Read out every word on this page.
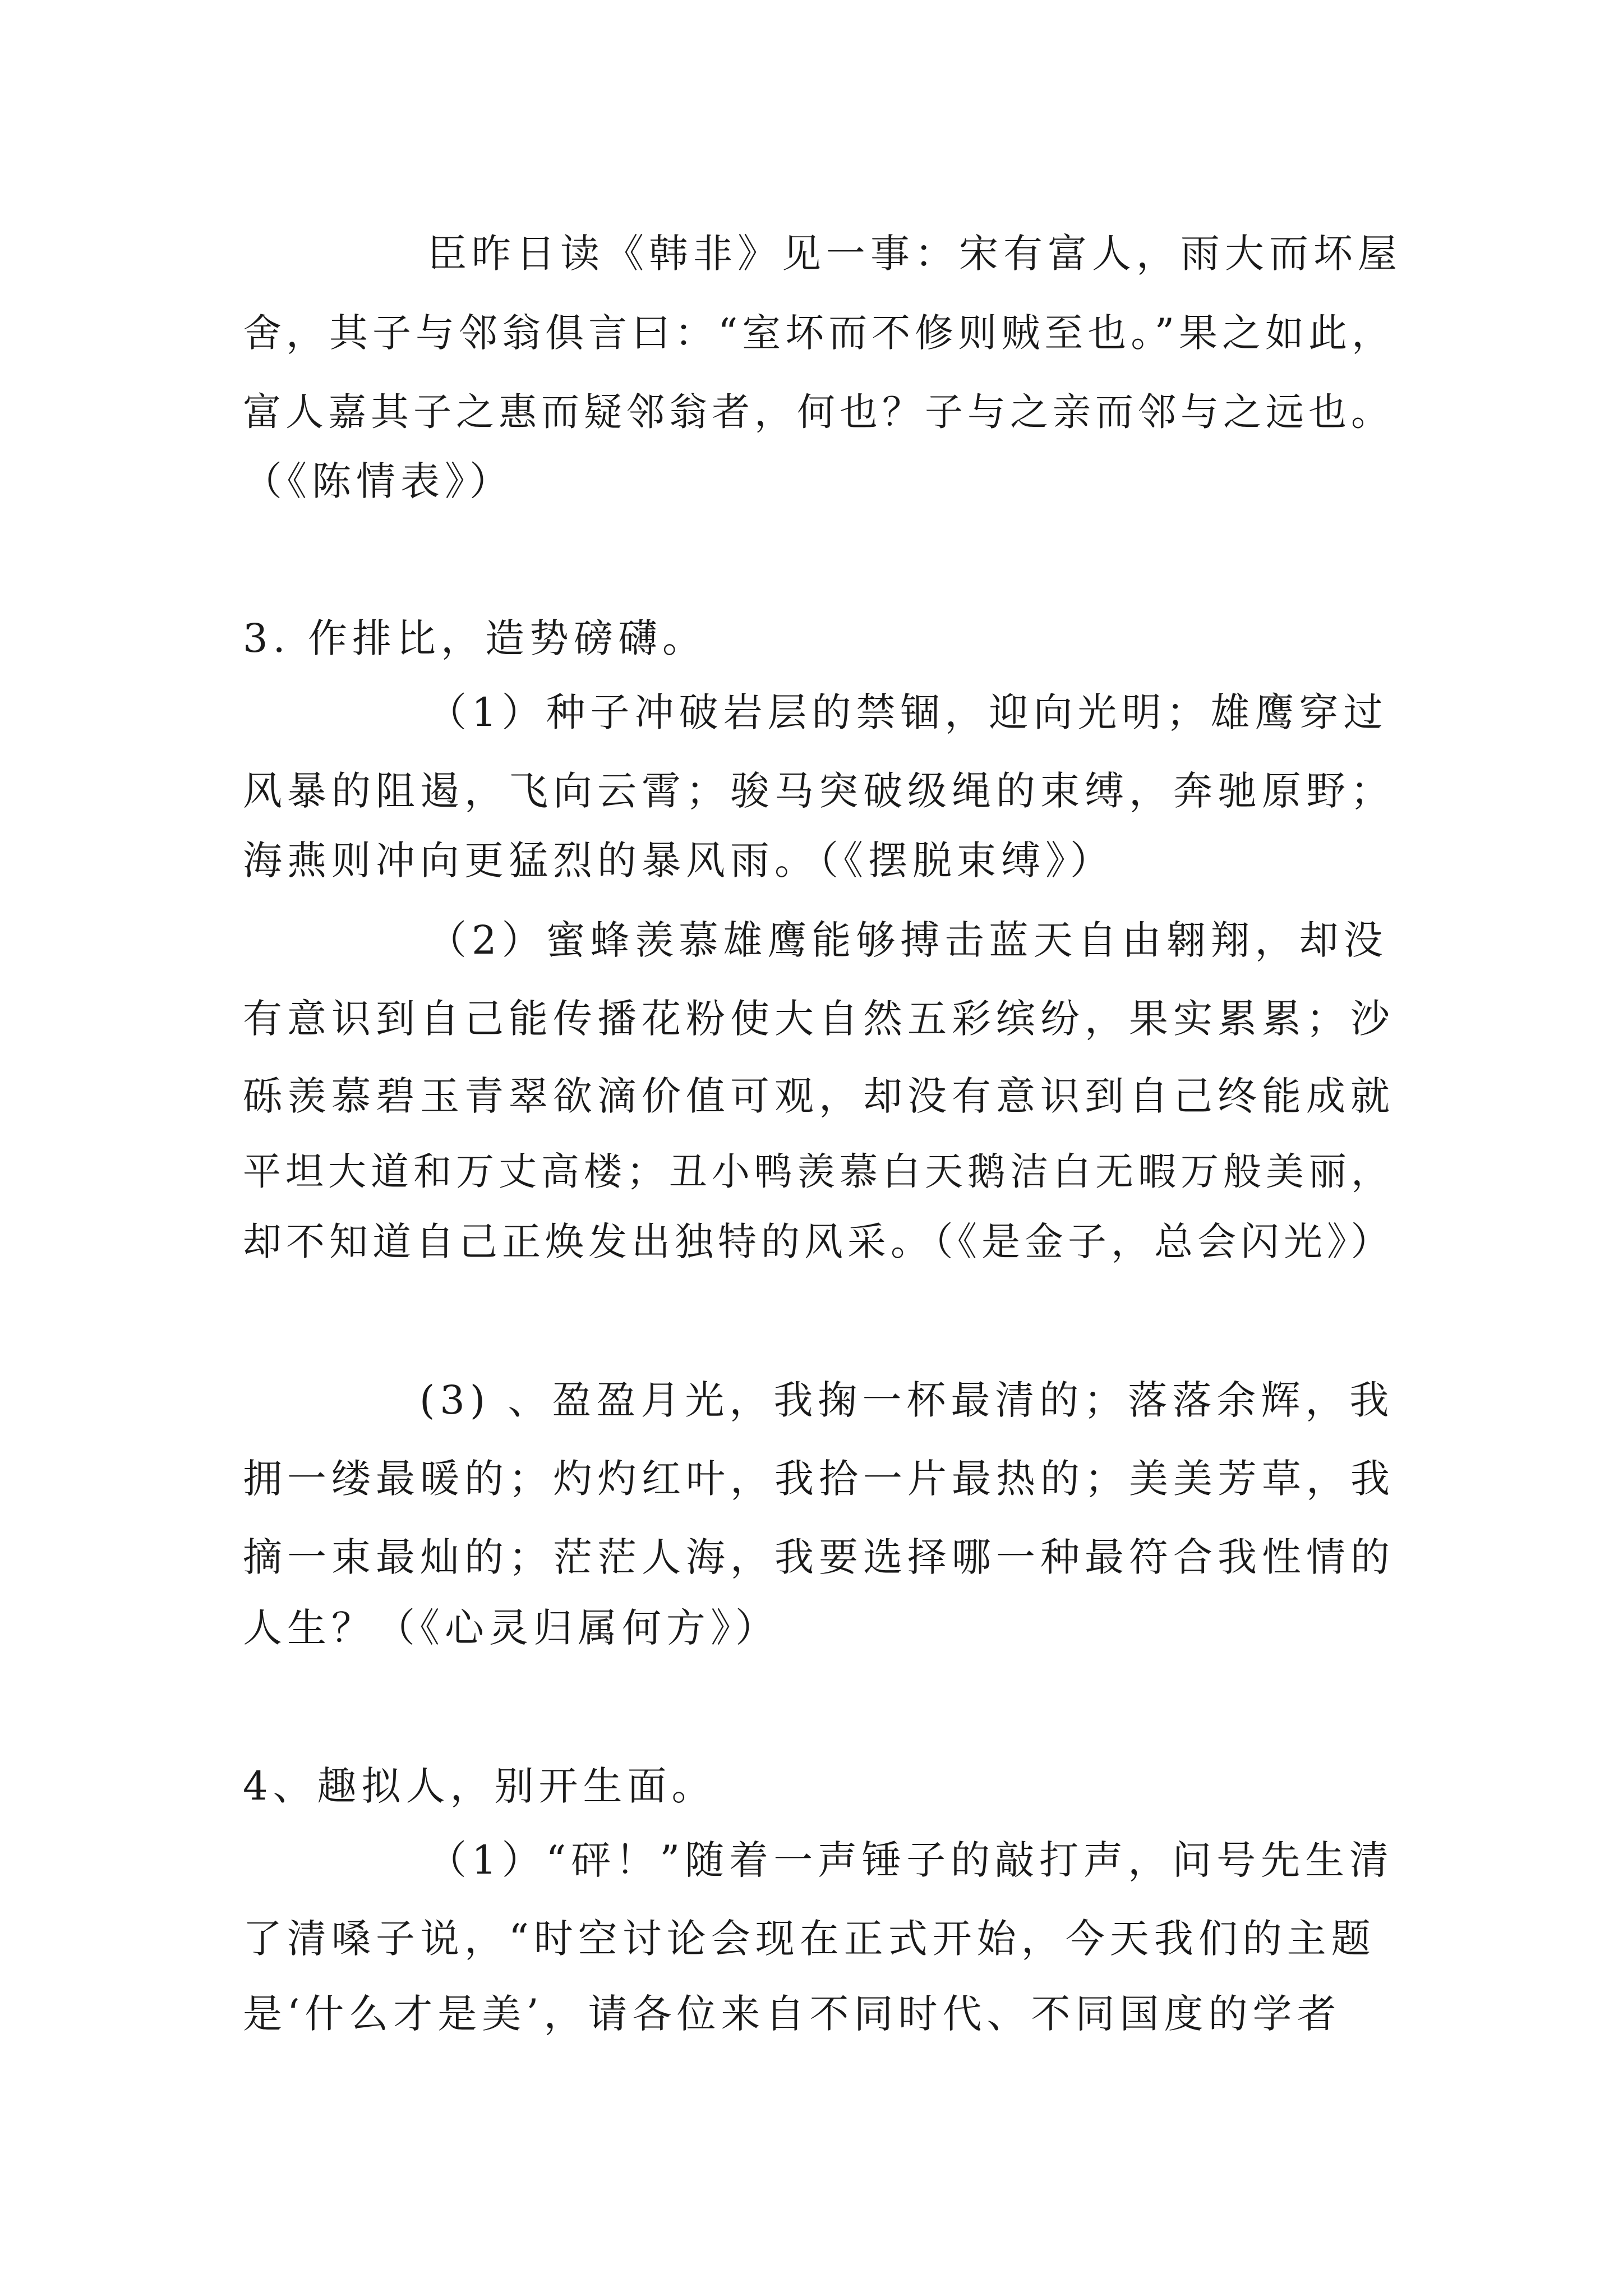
臣昨日读《韩非》见一事：宋有富人，雨大而坏屋

舍，其子与邻翁俱言曰：“室坏而不修则贼至也。”果之如此，

富人嘉其子之惠而疑邻翁者，何也？子与之亲而邻与之远也。

（《陈情表》）

3. 作排比，造势磅礴。

（1）种子冲破岩层的禁锢，迎向光明；雄鹰穿过

风暴的阻遏，飞向云霄；骏马突破级绳的束缚，奔驰原野；

海燕则冲向更猛烈的暴风雨。（《摆脱束缚》）

（2）蜜蜂羡慕雄鹰能够搏击蓝天自由翱翔，却没

有意识到自己能传播花粉使大自然五彩缤纷，果实累累；沙

砾羡慕碧玉青翠欲滴价值可观，却没有意识到自己终能成就

平坦大道和万丈高楼；丑小鸭羡慕白天鹅洁白无暇万般美丽，

却不知道自己正焕发出独特的风采。（《是金子，总会闪光》）

(3) 、盈盈月光，我掬一杯最清的；落落余辉，我

拥一缕最暖的；灼灼红叶，我拾一片最热的；美美芳草，我

摘一束最灿的；茫茫人海，我要选择哪一种最符合我性情的

人生？（《心灵归属何方》）

4、趣拟人，别开生面。

（1）“砰！”随着一声锤子的敲打声，问号先生清

了清嗓子说，“时空讨论会现在正式开始，今天我们的主题

是‘什么才是美’，请各位来自不同时代、不同国度的学者
